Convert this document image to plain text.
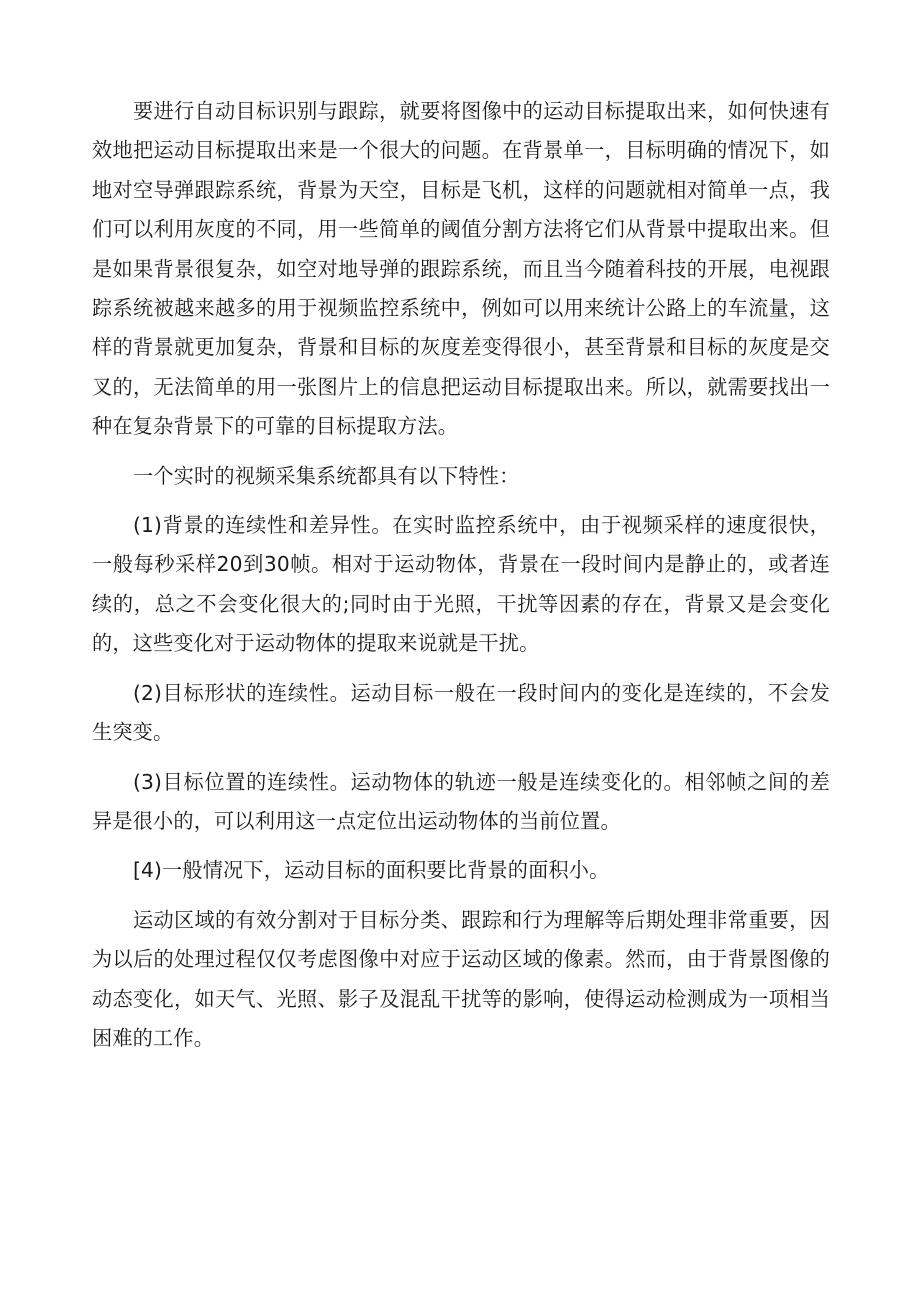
要进行自动目标识别与跟踪，就要将图像中的运动目标提取出来，如何快速有效地把运动目标提取出来是一个很大的问题。在背景单一，目标明确的情况下，如地对空导弹跟踪系统，背景为天空，目标是飞机，这样的问题就相对简单一点，我们可以利用灰度的不同，用一些简单的阈值分割方法将它们从背景中提取出来。但是如果背景很复杂，如空对地导弹的跟踪系统，而且当今随着科技的开展，电视跟踪系统被越来越多的用于视频监控系统中，例如可以用来统计公路上的车流量，这样的背景就更加复杂，背景和目标的灰度差变得很小，甚至背景和目标的灰度是交叉的，无法简单的用一张图片上的信息把运动目标提取出来。所以，就需要找出一种在复杂背景下的可靠的目标提取方法。

一个实时的视频采集系统都具有以下特性：

(1)背景的连续性和差异性。在实时监控系统中，由于视频采样的速度很快，一般每秒采样20到30帧。相对于运动物体，背景在一段时间内是静止的，或者连续的，总之不会变化很大的;同时由于光照，干扰等因素的存在，背景又是会变化的，这些变化对于运动物体的提取来说就是干扰。

(2)目标形状的连续性。运动目标一般在一段时间内的变化是连续的，不会发生突变。

(3)目标位置的连续性。运动物体的轨迹一般是连续变化的。相邻帧之间的差异是很小的，可以利用这一点定位出运动物体的当前位置。

[4)一般情况下，运动目标的面积要比背景的面积小。

运动区域的有效分割对于目标分类、跟踪和行为理解等后期处理非常重要，因为以后的处理过程仅仅考虑图像中对应于运动区域的像素。然而，由于背景图像的动态变化，如天气、光照、影子及混乱干扰等的影响，使得运动检测成为一项相当困难的工作。
